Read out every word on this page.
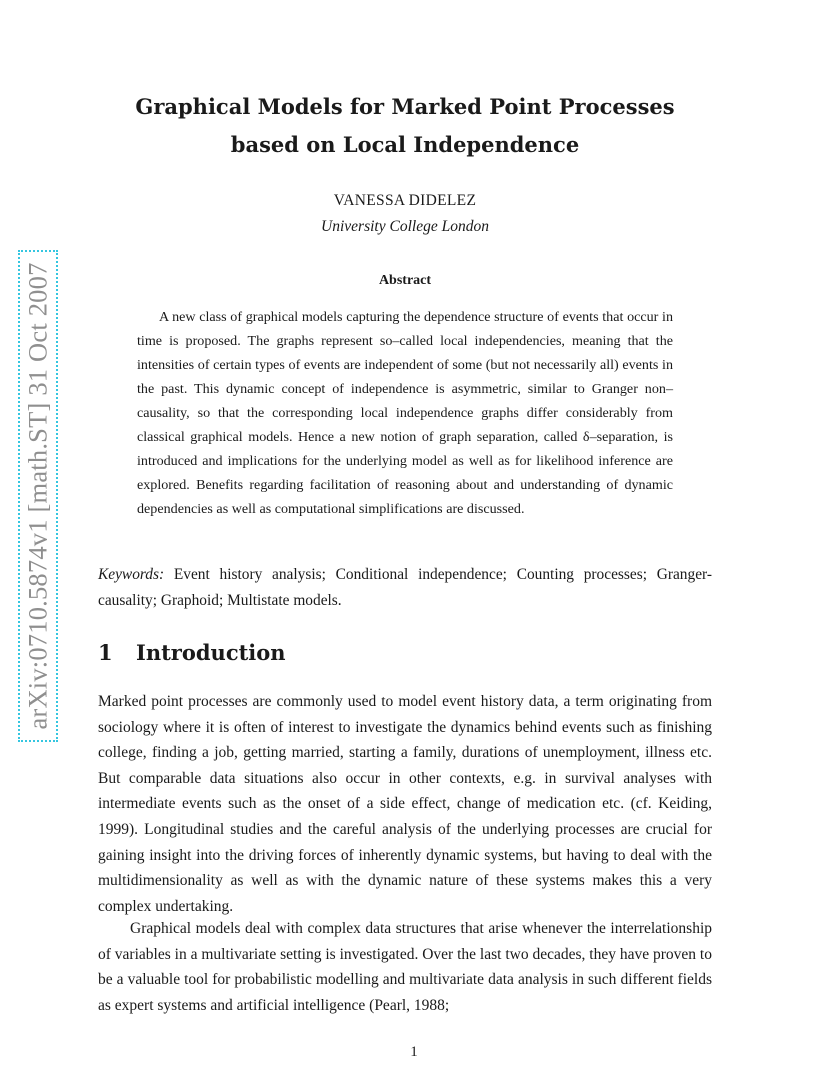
arXiv:0710.5874v1 [math.ST] 31 Oct 2007
Graphical Models for Marked Point Processes
based on Local Independence
VANESSA DIDELEZ
University College London
Abstract

A new class of graphical models capturing the dependence structure of events that occur in time is proposed. The graphs represent so–called local independencies, meaning that the intensities of certain types of events are independent of some (but not necessarily all) events in the past. This dynamic concept of independence is asymmetric, similar to Granger non–causality, so that the corresponding local independence graphs differ considerably from classical graphical models. Hence a new notion of graph separation, called δ–separation, is introduced and implications for the underlying model as well as for likelihood inference are explored. Benefits regarding facilitation of reasoning about and understanding of dynamic dependencies as well as computational simplifications are discussed.

Keywords: Event history analysis; Conditional independence; Counting processes; Granger-causality; Graphoid; Multistate models.

1 Introduction

Marked point processes are commonly used to model event history data, a term originating from sociology where it is often of interest to investigate the dynamics behind events such as finishing college, finding a job, getting married, starting a family, durations of unemployment, illness etc. But comparable data situations also occur in other contexts, e.g. in survival analyses with intermediate events such as the onset of a side effect, change of medication etc. (cf. Keiding, 1999). Longitudinal studies and the careful analysis of the underlying processes are crucial for gaining insight into the driving forces of inherently dynamic systems, but having to deal with the multidimensionality as well as with the dynamic nature of these systems makes this a very complex undertaking.

Graphical models deal with complex data structures that arise whenever the interrelationship of variables in a multivariate setting is investigated. Over the last two decades, they have proven to be a valuable tool for probabilistic modelling and multivariate data analysis in such different fields as expert systems and artificial intelligence (Pearl, 1988;

1
